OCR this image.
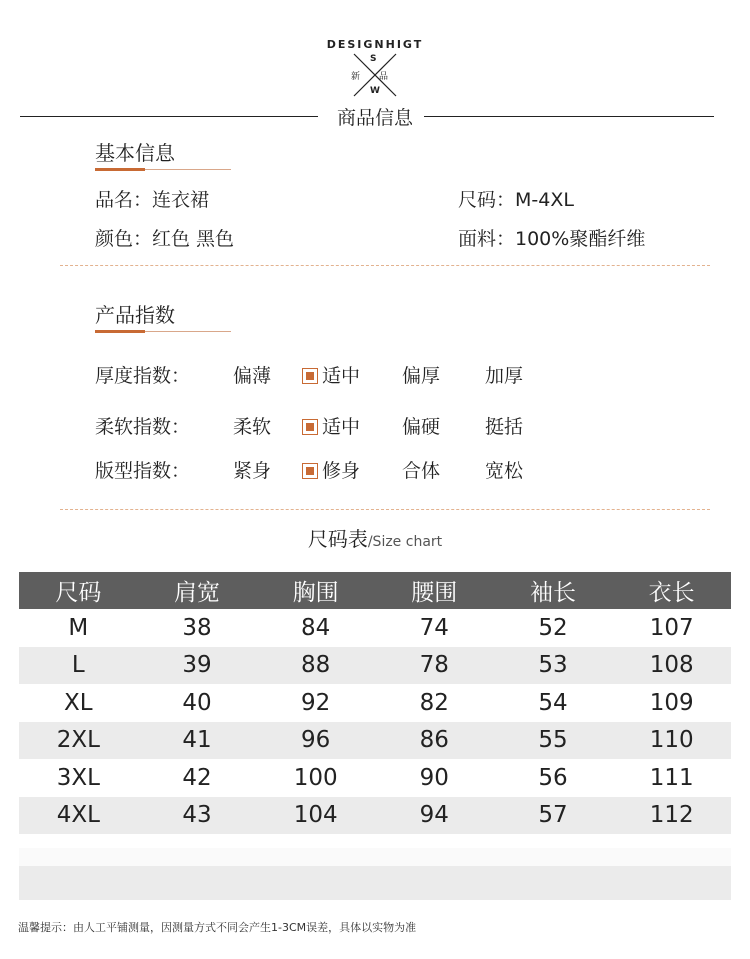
DESIGNHIGT
S
W
新 品
商品信息
基本信息
品名：连衣裙	尺码：M-4XL
颜色：红色 黑色	面料：100%聚酯纤维
产品指数
厚度指数： 偏薄	适中 偏厚 加厚
柔软指数： 柔软	适中 偏硬 挺括
版型指数： 紧身	修身 合体 宽松
尺码表/Size chart
尺码	肩宽	胸围	腰围	袖长	衣长
M	38	84	74	52	107
L	39	88	78	53	108
XL	40	92	82	54	109
2XL	41	96	86	55	110
3XL	42	100	90	56	111
4XL	43	104	94	57	112
温馨提示：由人工平铺测量，因测量方式不同会产生1-3CM误差，具体以实物为准
